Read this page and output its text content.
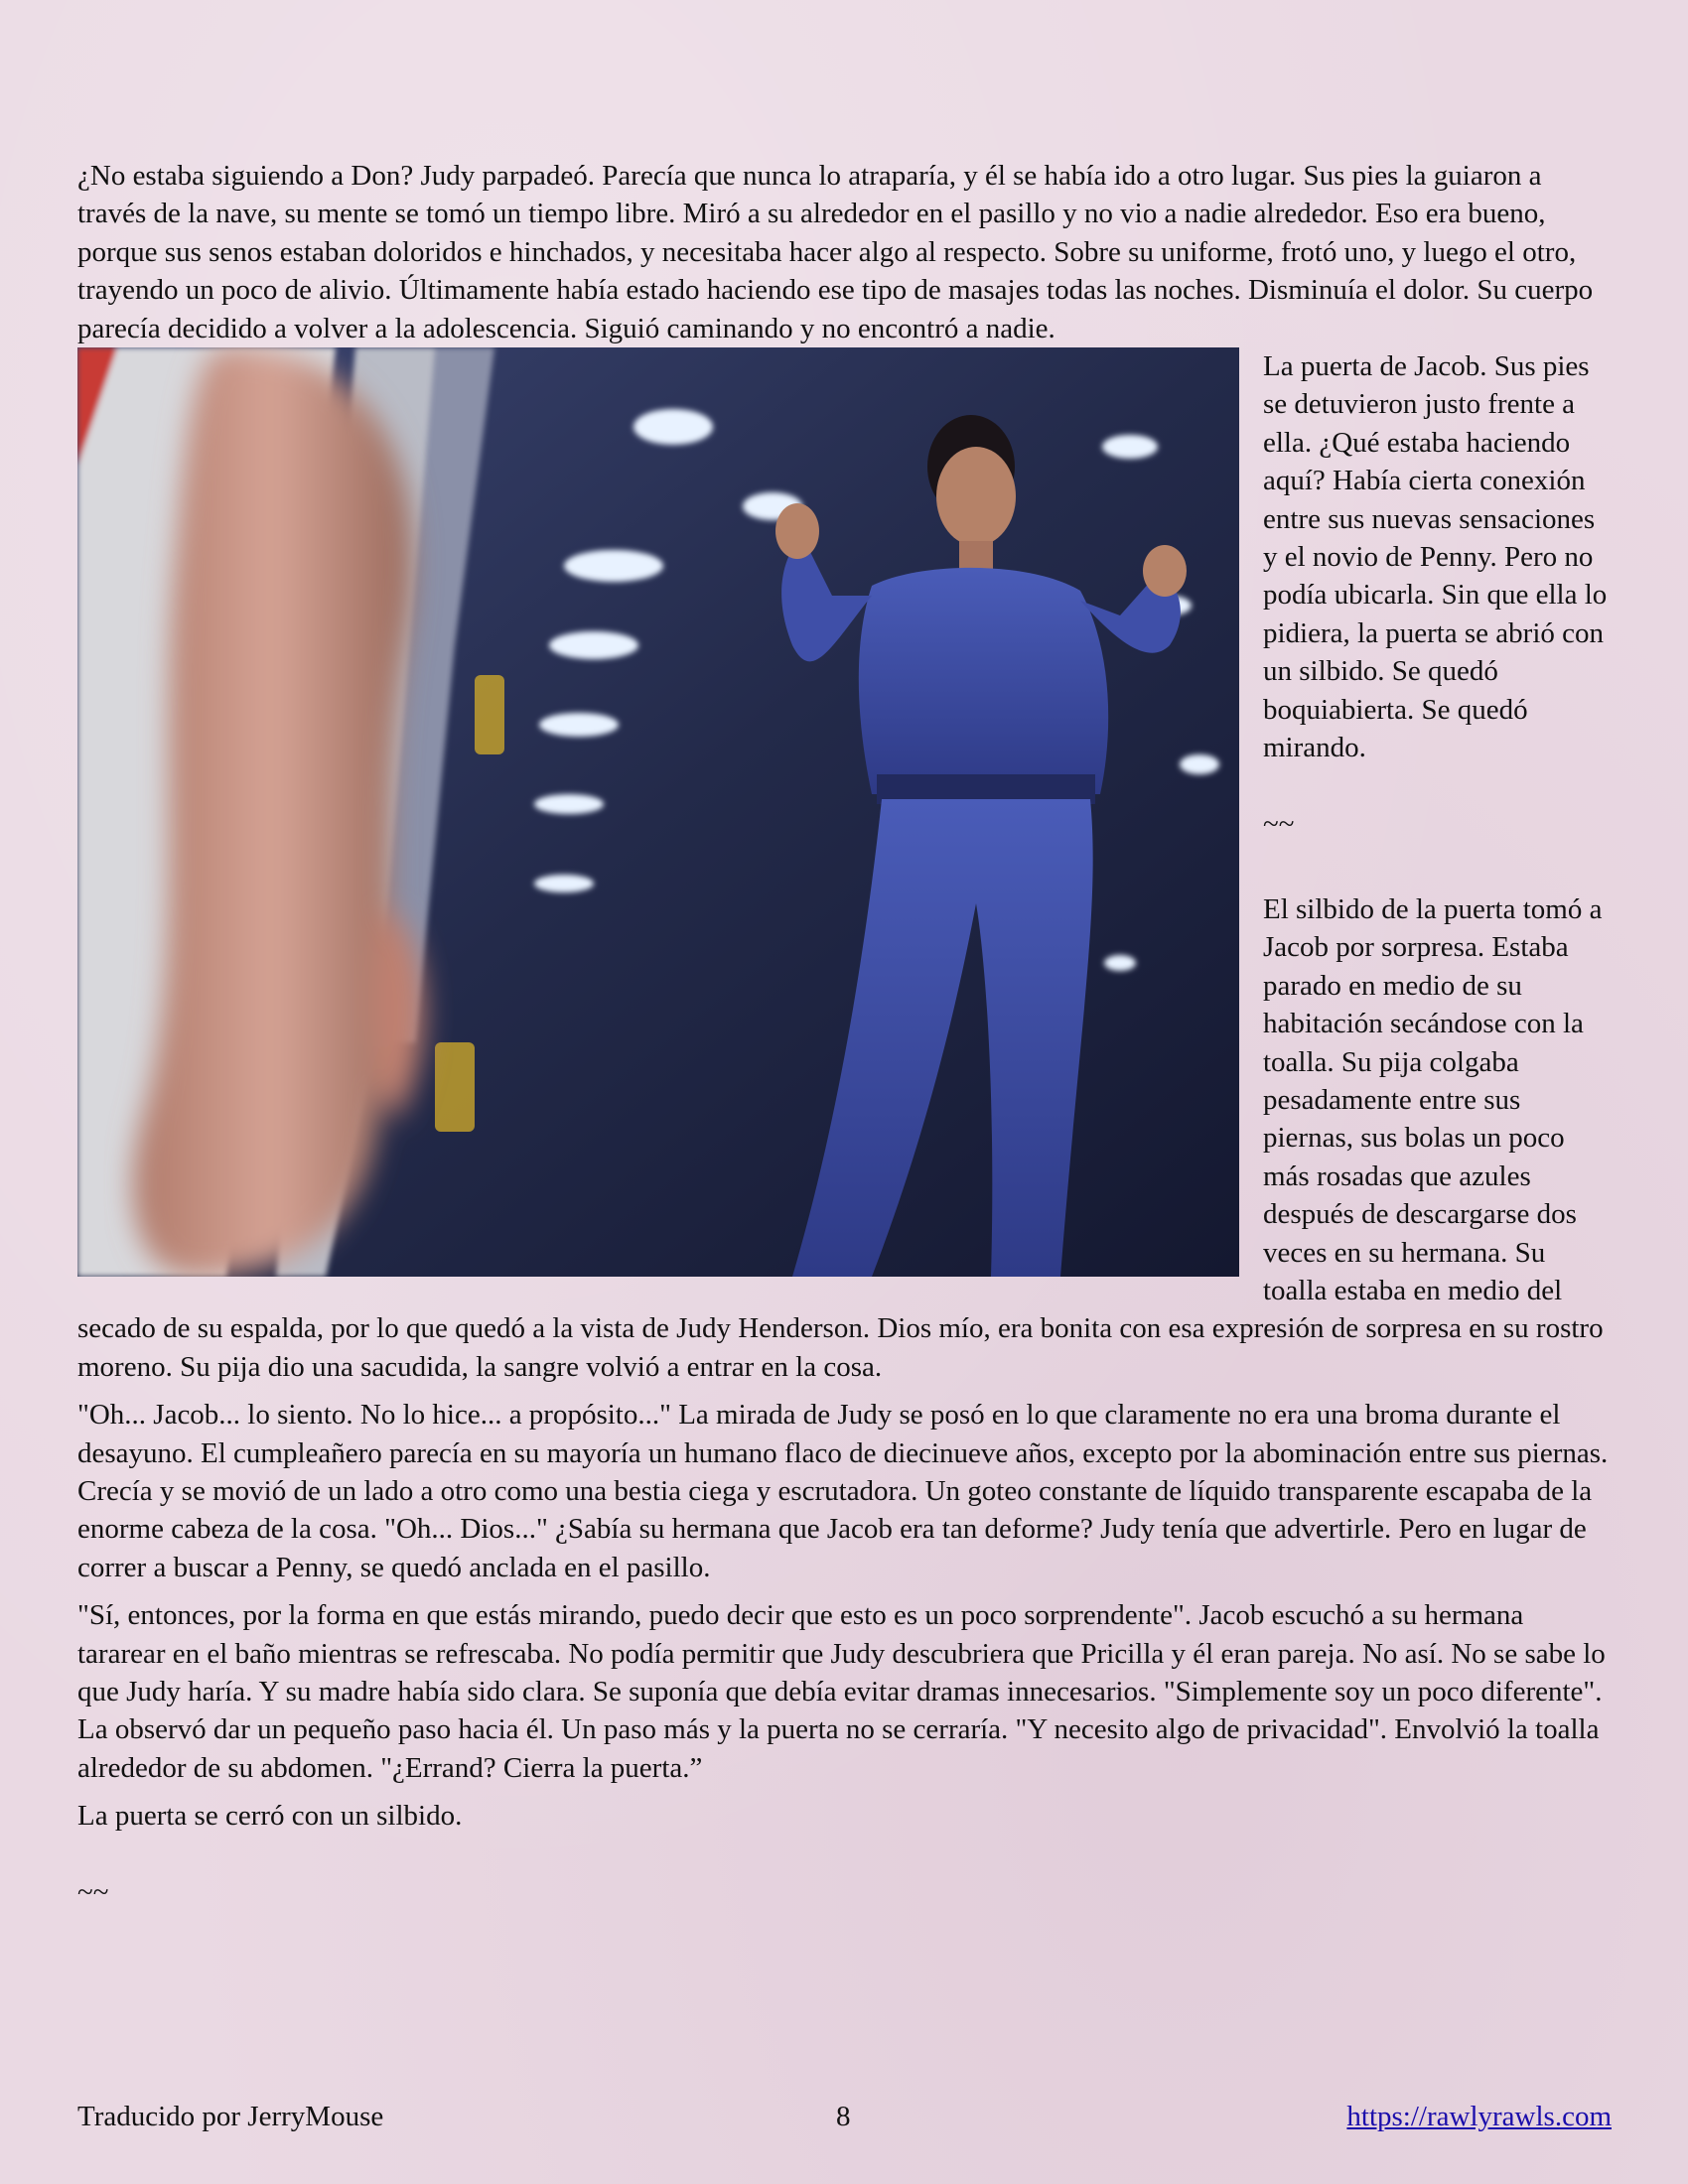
¿No estaba siguiendo a Don? Judy parpadeó. Parecía que nunca lo atraparía, y él se había ido a otro lugar. Sus pies la guiaron a través de la nave, su mente se tomó un tiempo libre. Miró a su alrededor en el pasillo y no vio a nadie alrededor. Eso era bueno, porque sus senos estaban doloridos e hinchados, y necesitaba hacer algo al respecto. Sobre su uniforme, frotó uno, y luego el otro, trayendo un poco de alivio. Últimamente había estado haciendo ese tipo de masajes todas las noches. Disminuía el dolor. Su cuerpo parecía decidido a volver a la adolescencia. Siguió caminando y no encontró a nadie.

La puerta de Jacob. Sus pies se detuvieron justo frente a ella. ¿Qué estaba haciendo aquí? Había cierta conexión entre sus nuevas sensaciones y el novio de Penny. Pero no podía ubicarla. Sin que ella lo pidiera, la puerta se abrió con un silbido. Se quedó boquiabierta. Se quedó mirando.

~~

El silbido de la puerta tomó a Jacob por sorpresa. Estaba parado en medio de su habitación secándose con la toalla. Su pija colgaba pesadamente entre sus piernas, sus bolas un poco más rosadas que azules después de descargarse dos veces en su hermana. Su toalla estaba en medio del secado de su espalda, por lo que quedó a la vista de Judy Henderson. Dios mío, era bonita con esa expresión de sorpresa en su rostro moreno. Su pija dio una sacudida, la sangre volvió a entrar en la cosa.

"Oh... Jacob... lo siento. No lo hice... a propósito..." La mirada de Judy se posó en lo que claramente no era una broma durante el desayuno. El cumpleañero parecía en su mayoría un humano flaco de diecinueve años, excepto por la abominación entre sus piernas. Crecía y se movió de un lado a otro como una bestia ciega y escrutadora. Un goteo constante de líquido transparente escapaba de la enorme cabeza de la cosa. "Oh... Dios..." ¿Sabía su hermana que Jacob era tan deforme? Judy tenía que advertirle. Pero en lugar de correr a buscar a Penny, se quedó anclada en el pasillo.

"Sí, entonces, por la forma en que estás mirando, puedo decir que esto es un poco sorprendente". Jacob escuchó a su hermana tararear en el baño mientras se refrescaba. No podía permitir que Judy descubriera que Pricilla y él eran pareja. No así. No se sabe lo que Judy haría. Y su madre había sido clara. Se suponía que debía evitar dramas innecesarios. "Simplemente soy un poco diferente". La observó dar un pequeño paso hacia él. Un paso más y la puerta no se cerraría. "Y necesito algo de privacidad". Envolvió la toalla alrededor de su abdomen. "¿Errand? Cierra la puerta.”

La puerta se cerró con un silbido.

~~

Traducido por JerryMouse	8	https://rawlyrawls.com
